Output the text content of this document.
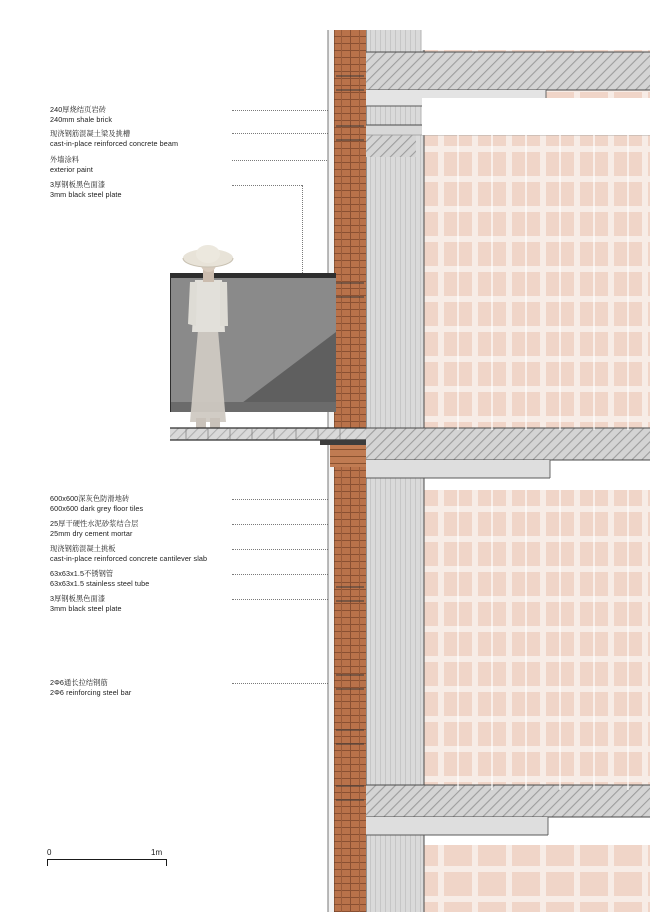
240厚烧结页岩砖
240mm shale brick
现浇钢筋混凝土梁及挑槽
cast-in-place reinforced concrete beam
外墙涂料
exterior paint
3厚钢板黑色面漆
3mm black steel plate
600x600深灰色防滑地砖
600x600 dark grey floor tiles
25厚干硬性水泥砂浆结合层
25mm dry cement mortar
现浇钢筋混凝土挑板
cast-in-place reinforced concrete cantilever slab
63x63x1.5不锈钢管
63x63x1.5 stainless steel tube
3厚钢板黑色面漆
3mm black steel plate
2Φ6通长拉结钢筋
2Φ6 reinforcing steel bar
0	1m
